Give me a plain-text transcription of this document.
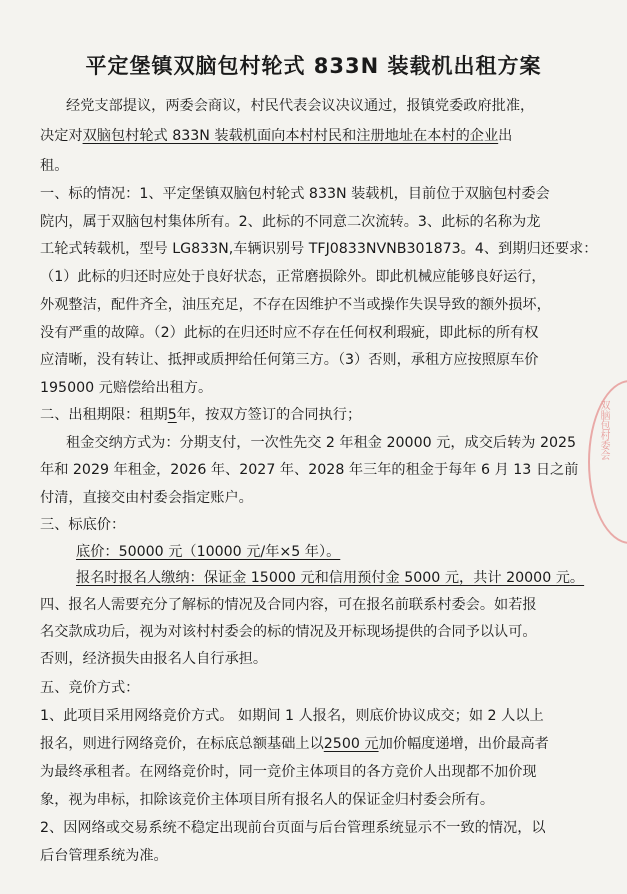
平定堡镇双脑包村轮式 833N 装载机出租方案
经党支部提议，两委会商议，村民代表会议决议通过，报镇党委政府批准，
决定对双脑包村轮式 833N 装载机面向本村村民和注册地址在本村的企业出
租。
一、标的情况：1、平定堡镇双脑包村轮式 833N 装载机，目前位于双脑包村委会
院内，属于双脑包村集体所有。2、此标的不同意二次流转。3、此标的名称为龙
工轮式转载机，型号 LG833N,车辆识别号 TFJ0833NVNB301873。4、到期归还要求：
（1）此标的归还时应处于良好状态，正常磨损除外。即此机械应能够良好运行，
外观整洁，配件齐全，油压充足，不存在因维护不当或操作失误导致的额外损坏，
没有严重的故障。（2）此标的在归还时应不存在任何权利瑕疵，即此标的所有权
应清晰，没有转让、抵押或质押给任何第三方。（3）否则，承租方应按照原车价
195000 元赔偿给出租方。
二、出租期限：租期5年，按双方签订的合同执行；
租金交纳方式为：分期支付，一次性先交 2 年租金 20000 元，成交后转为 2025
年和 2029 年租金，2026 年、2027 年、2028 年三年的租金于每年 6 月 13 日之前
付清，直接交由村委会指定账户。
三、标底价：
底价：50000 元（10000 元/年×5 年）。
报名时报名人缴纳：保证金 15000 元和信用预付金 5000 元，共计 20000 元。
四、报名人需要充分了解标的情况及合同内容，可在报名前联系村委会。如若报
名交款成功后，视为对该村村委会的标的情况及开标现场提供的合同予以认可。
否则，经济损失由报名人自行承担。
五、竞价方式：
1、此项目采用网络竞价方式。 如期间 1 人报名，则底价协议成交；如 2 人以上
报名，则进行网络竞价，在标底总额基础上以2500 元加价幅度递增，出价最高者
为最终承租者。在网络竞价时，同一竞价主体项目的各方竞价人出现都不加价现
象，视为串标，扣除该竞价主体项目所有报名人的保证金归村委会所有。
2、因网络或交易系统不稳定出现前台页面与后台管理系统显示不一致的情况，以
后台管理系统为准。
双脑包村委会
